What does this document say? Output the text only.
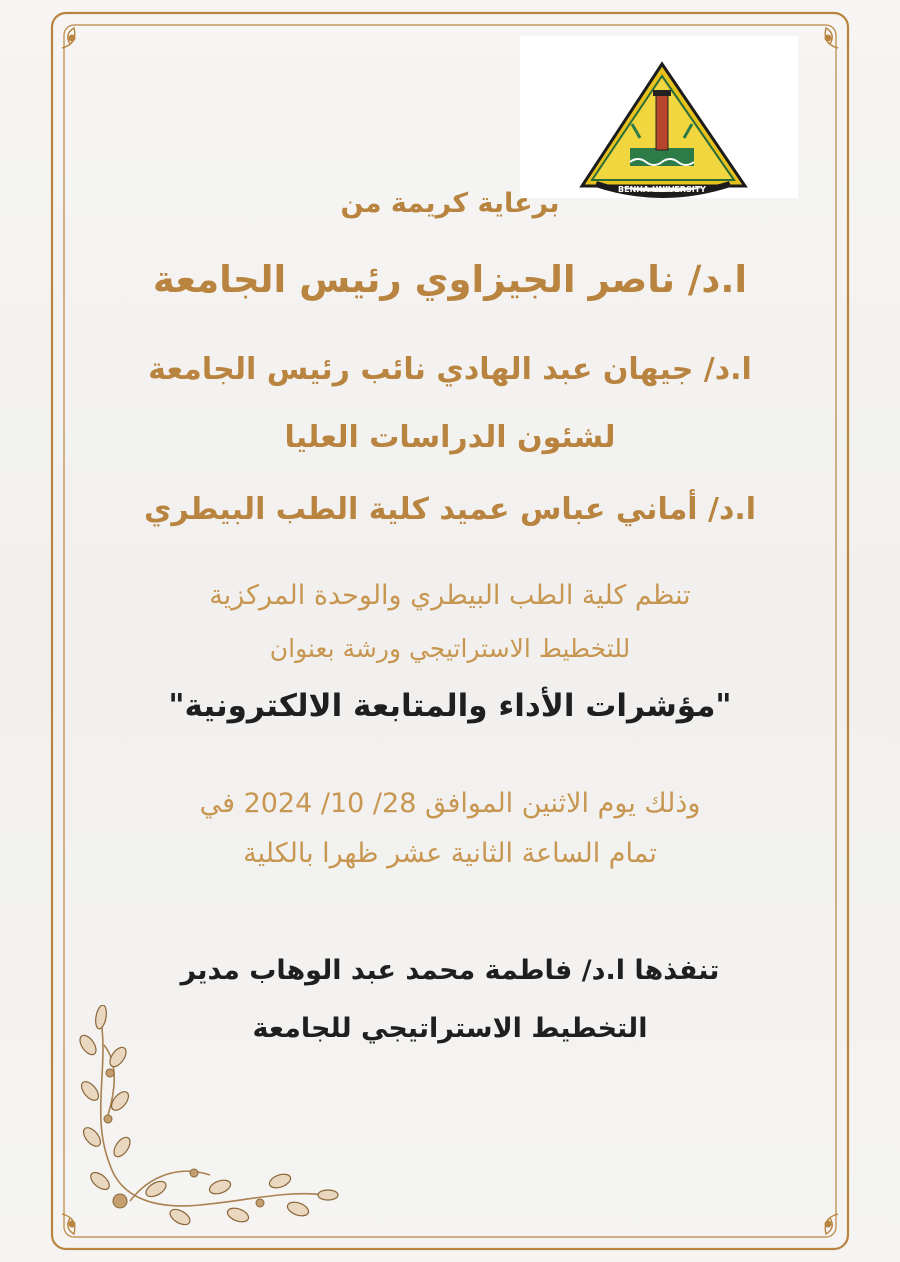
BENHA UNIVERSITY
برعاية كريمة من
ا.د/ ناصر الجيزاوي رئيس الجامعة
ا.د/ جيهان عبد الهادي نائب رئيس الجامعة
لشئون الدراسات العليا
ا.د/ أماني عباس عميد كلية الطب البيطري
تنظم كلية الطب البيطري والوحدة المركزية
للتخطيط الاستراتيجي ورشة بعنوان
"مؤشرات الأداء والمتابعة الالكترونية"
وذلك يوم الاثنين الموافق 28/ 10/ 2024 في
تمام الساعة الثانية عشر ظهرا بالكلية
تنفذها ا.د/ فاطمة محمد عبد الوهاب مدير
التخطيط الاستراتيجي للجامعة
